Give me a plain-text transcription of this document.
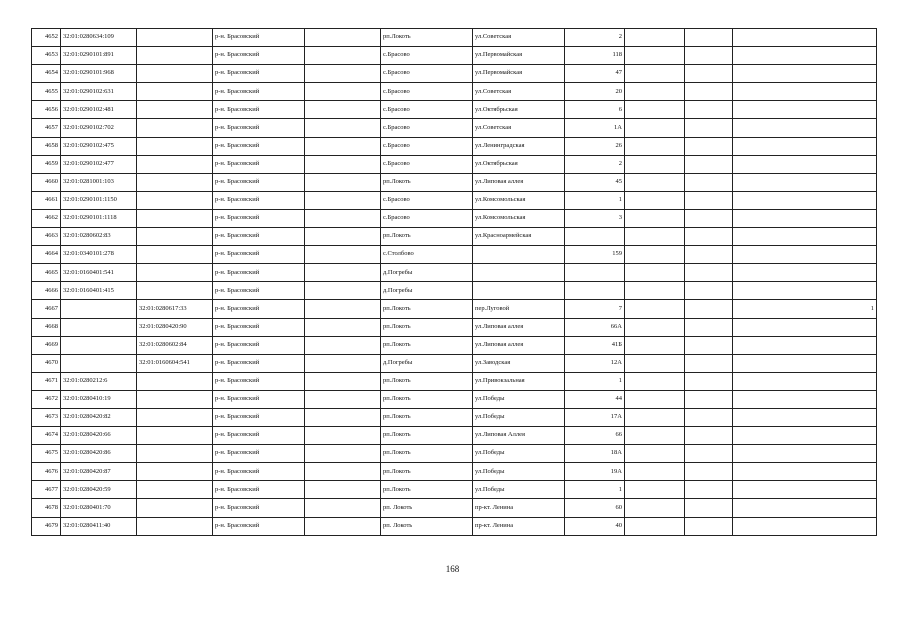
4652	32:01:0280634:109		р-н. Брасовский		рп.Локоть	ул.Советская	2			
4653	32:01:0290101:891		р-н. Брасовский		с.Брасово	ул.Первомайская	118			
4654	32:01:0290101:968		р-н. Брасовский		с.Брасово	ул.Первомайская	47			
4655	32:01:0290102:631		р-н. Брасовский		с.Брасово	ул.Советская	20			
4656	32:01:0290102:481		р-н. Брасовский		с.Брасово	ул.Октябрьская	6			
4657	32:01:0290102:702		р-н. Брасовский		с.Брасово	ул.Советская	1А			
4658	32:01:0290102:475		р-н. Брасовский		с.Брасово	ул.Ленинградская	26			
4659	32:01:0290102:477		р-н. Брасовский		с.Брасово	ул.Октябрьская	2			
4660	32:01:0281001:103		р-н. Брасовский		рп.Локоть	ул.Липовая аллея	45			
4661	32:01:0290101:1150		р-н. Брасовский		с.Брасово	ул.Комсомольская	1			
4662	32:01:0290101:1118		р-н. Брасовский		с.Брасово	ул.Комсомольская	3			
4663	32:01:0280602:83		р-н. Брасовский		рп.Локоть	ул.Красноармейская				
4664	32:01:0340101:278		р-н. Брасовский		с.Столбово		159			
4665	32:01:0160401:541		р-н. Брасовский		д.Погребы					
4666	32:01:0160401:415		р-н. Брасовский		д.Погребы					
4667		32:01:0280617:33	р-н. Брасовский		рп.Локоть	пер.Луговой	7			1
4668		32:01:0280420:90	р-н. Брасовский		рп.Локоть	ул.Липовая аллея	66А			
4669		32:01:0280602:84	р-н. Брасовский		рп.Локоть	ул.Липовая аллея	41Б			
4670		32:01:0160604:541	р-н. Брасовский		д.Погребы	ул.Заводская	12А			
4671	32:01:0280212:6		р-н. Брасовский		рп.Локоть	ул.Привокзальная	1			
4672	32:01:0280410:19		р-н. Брасовский		рп.Локоть	ул.Победы	44			
4673	32:01:0280420:82		р-н. Брасовский		рп.Локоть	ул.Победы	17А			
4674	32:01:0280420:66		р-н. Брасовский		рп.Локоть	ул.Липовая Аллея	66			
4675	32:01:0280420:86		р-н. Брасовский		рп.Локоть	ул.Победы	18А			
4676	32:01:0280420:87		р-н. Брасовский		рп.Локоть	ул.Победы	19А			
4677	32:01:0280420:59		р-н. Брасовский		рп.Локоть	ул.Победы	1			
4678	32:01:0280401:70		р-н. Брасовский		рп. Локоть	пр-кт. Ленина	60			
4679	32:01:0280411:40		р-н. Брасовский		рп. Локоть	пр-кт. Ленина	40			
168
